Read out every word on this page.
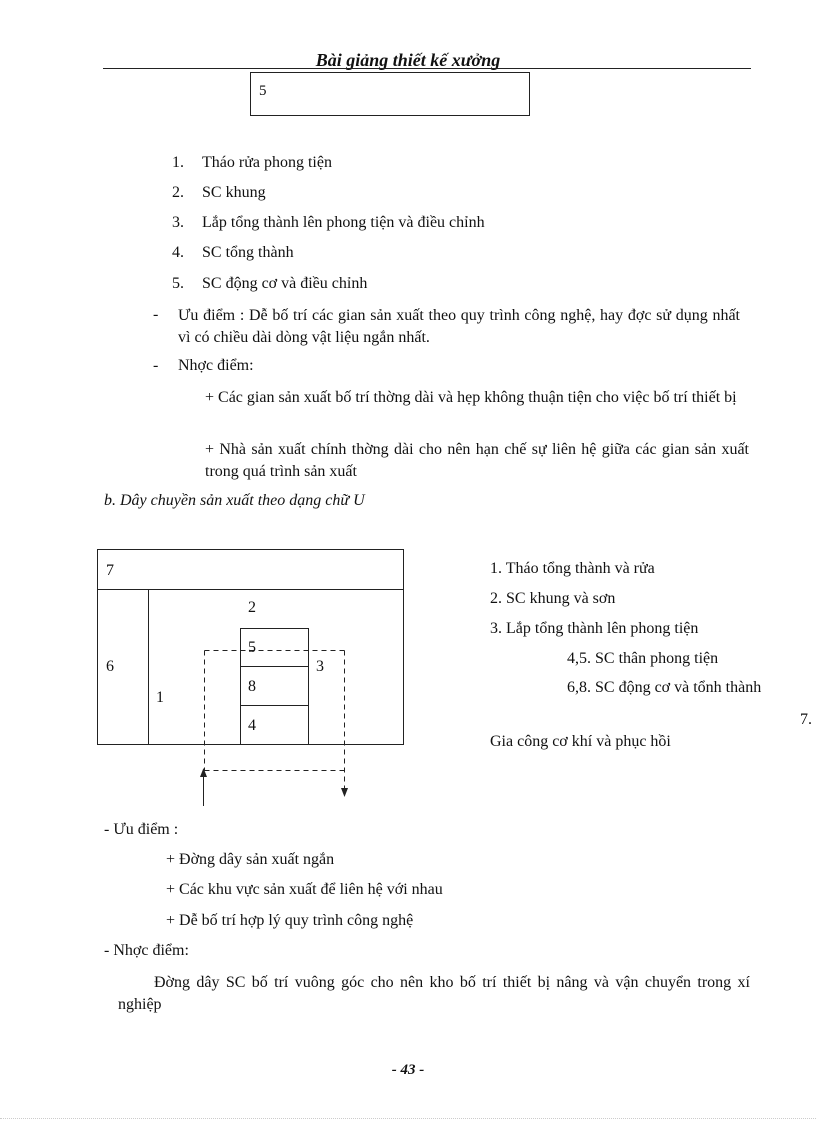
Bài giảng thiết kế xưởng
5
1. Tháo rửa phong tiện
2. SC khung
3. Lắp tổng thành lên phong tiện và điều chỉnh
4. SC tổng thành
5. SC động cơ và điều chỉnh
- Ưu điểm : Dễ bố trí các gian sản xuất theo quy trình công nghệ, hay đợc sử dụng nhất vì có chiều dài dòng vật liệu ngắn nhất.
- Nhợc điểm:
+ Các gian sản xuất bố trí thờng dài và hẹp không thuận tiện cho việc bố trí thiết bị
+ Nhà sản xuất chính thờng dài cho nên hạn chế sự liên hệ giữa các gian sản xuất trong quá trình sản xuất
b. Dây chuyền sản xuất theo dạng chữ U
7
6
1
2
5
3
8
4
1. Tháo tổng thành và rửa
2. SC khung và sơn
3. Lắp tổng thành lên phong tiện
4,5. SC thân phong tiện
6,8. SC động cơ và tổnh thành
7.
Gia công cơ khí và phục hồi
- Ưu điểm :
+ Đờng dây sản xuất ngắn
+ Các khu vực sản xuất để liên hệ với nhau
+ Dễ bố trí hợp lý quy trình công nghệ
- Nhợc điểm:
Đờng dây SC bố trí vuông góc cho nên kho bố trí thiết bị nâng và vận chuyển trong xí nghiệp
- 43 -
